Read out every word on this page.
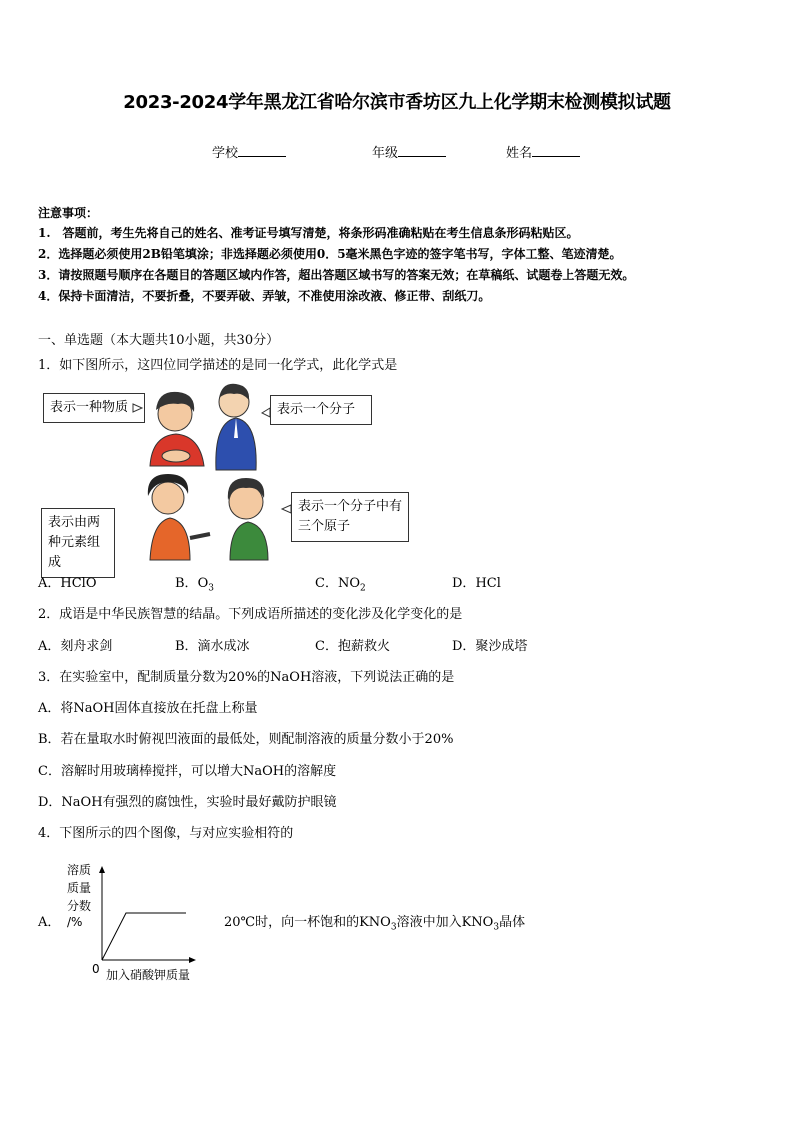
2023-2024学年黑龙江省哈尔滨市香坊区九上化学期末检测模拟试题
学校	年级	姓名
注意事项：
1.　答题前，考生先将自己的姓名、准考证号填写清楚，将条形码准确粘贴在考生信息条形码粘贴区。
2．选择题必须使用2B铅笔填涂；非选择题必须使用0．5毫米黑色字迹的签字笔书写，字体工整、笔迹清楚。
3．请按照题号顺序在各题目的答题区域内作答，超出答题区域书写的答案无效；在草稿纸、试题卷上答题无效。
4．保持卡面清洁，不要折叠，不要弄破、弄皱，不准使用涂改液、修正带、刮纸刀。
一、单选题（本大题共10小题，共30分）
1．如下图所示，这四位同学描述的是同一化学式，此化学式是
表示一种物质	表示一个分子
表示由两种元素组成
表示一个分子中有三个原子
A．HClO	B．$O_3$	C．$NO_2$	D．HCl
2．成语是中华民族智慧的结晶。下列成语所描述的变化涉及化学变化的是
A．刻舟求剑	B．滴水成冰	C．抱薪救火	D．聚沙成塔
3．在实验室中，配制质量分数为20%的NaOH溶液，下列说法正确的是
A．将NaOH固体直接放在托盘上称量
B．若在量取水时俯视凹液面的最低处，则配制溶液的质量分数小于20%
C．溶解时用玻璃棒搅拌，可以增大NaOH的溶解度
D．NaOH有强烈的腐蚀性，实验时最好戴防护眼镜
4．下图所示的四个图像，与对应实验相符的
A．
溶质
质量
分数
/%
0 加入硝酸钾质量
20℃时，向一杯饱和的$KNO_3$溶液中加入$KNO_3$晶体
